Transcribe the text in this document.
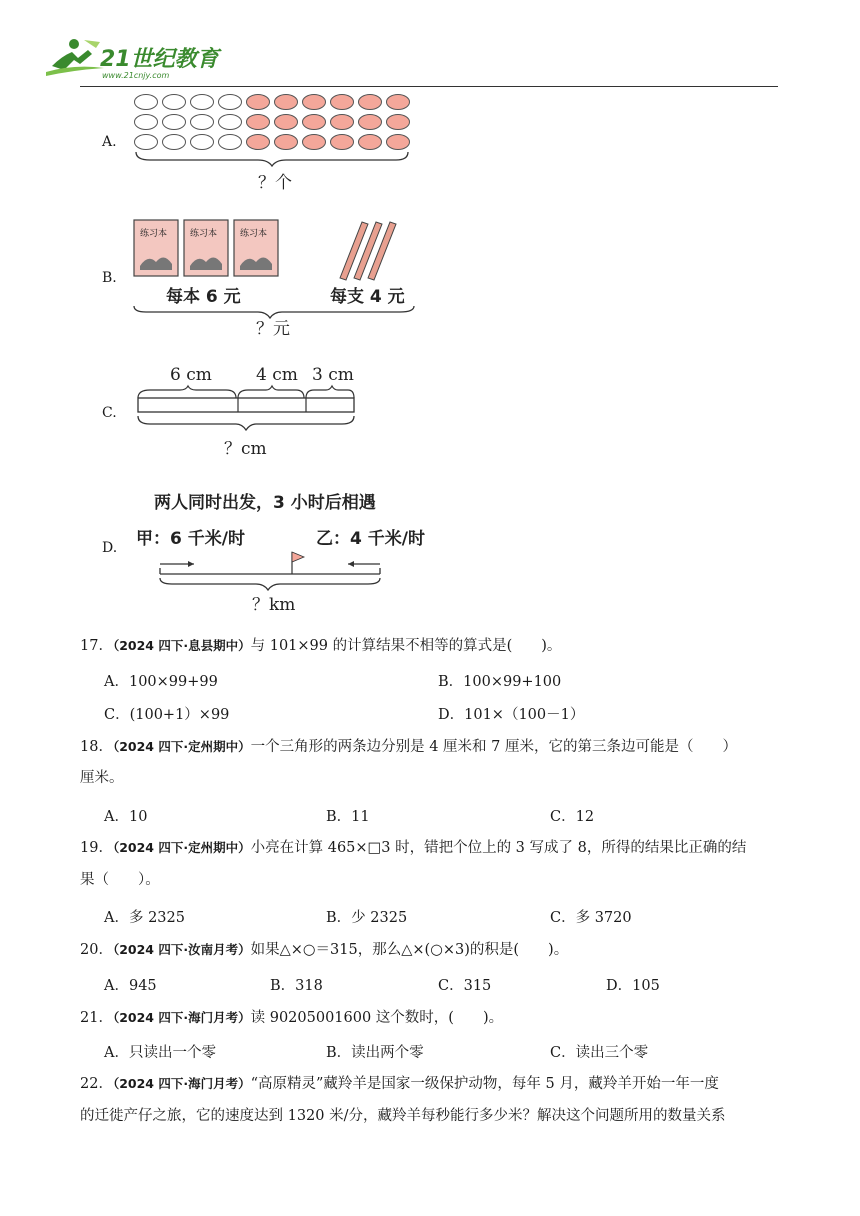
21世纪教育
www.21cnjy.com
A.
？个
B.
练习本	练习本	练习本
每本 6 元	每支 4 元
？元
C.
6 cm	4 cm 3 cm
？cm
D.
两人同时出发，3 小时后相遇
甲：6 千米/时	乙：4 千米/时
？km
17．（2024 四下·息县期中）与 101×99 的计算结果不相等的算式是(　　)。
A．100×99+99	B．100×99+100
C．(100+1）×99	D．101×（100－1）
18．（2024 四下·定州期中）一个三角形的两条边分别是 4 厘米和 7 厘米，它的第三条边可能是（　　）
厘米。
A．10	B．11	C．12
19．（2024 四下·定州期中）小亮在计算 465×□3 时，错把个位上的 3 写成了 8，所得的结果比正确的结
果（　　）。
A．多 2325	B．少 2325	C．多 3720
20．（2024 四下·汝南月考）如果△×○＝315，那么△×(○×3)的积是(　　)。
A．945	B．318	C．315	D．105
21．（2024 四下·海门月考）读 90205001600 这个数时，(　　)。
A．只读出一个零	B．读出两个零	C．读出三个零
22．（2024 四下·海门月考）“高原精灵”藏羚羊是国家一级保护动物，每年 5 月，藏羚羊开始一年一度
的迁徙产仔之旅，它的速度达到 1320 米/分，藏羚羊每秒能行多少米？解决这个问题所用的数量关系
